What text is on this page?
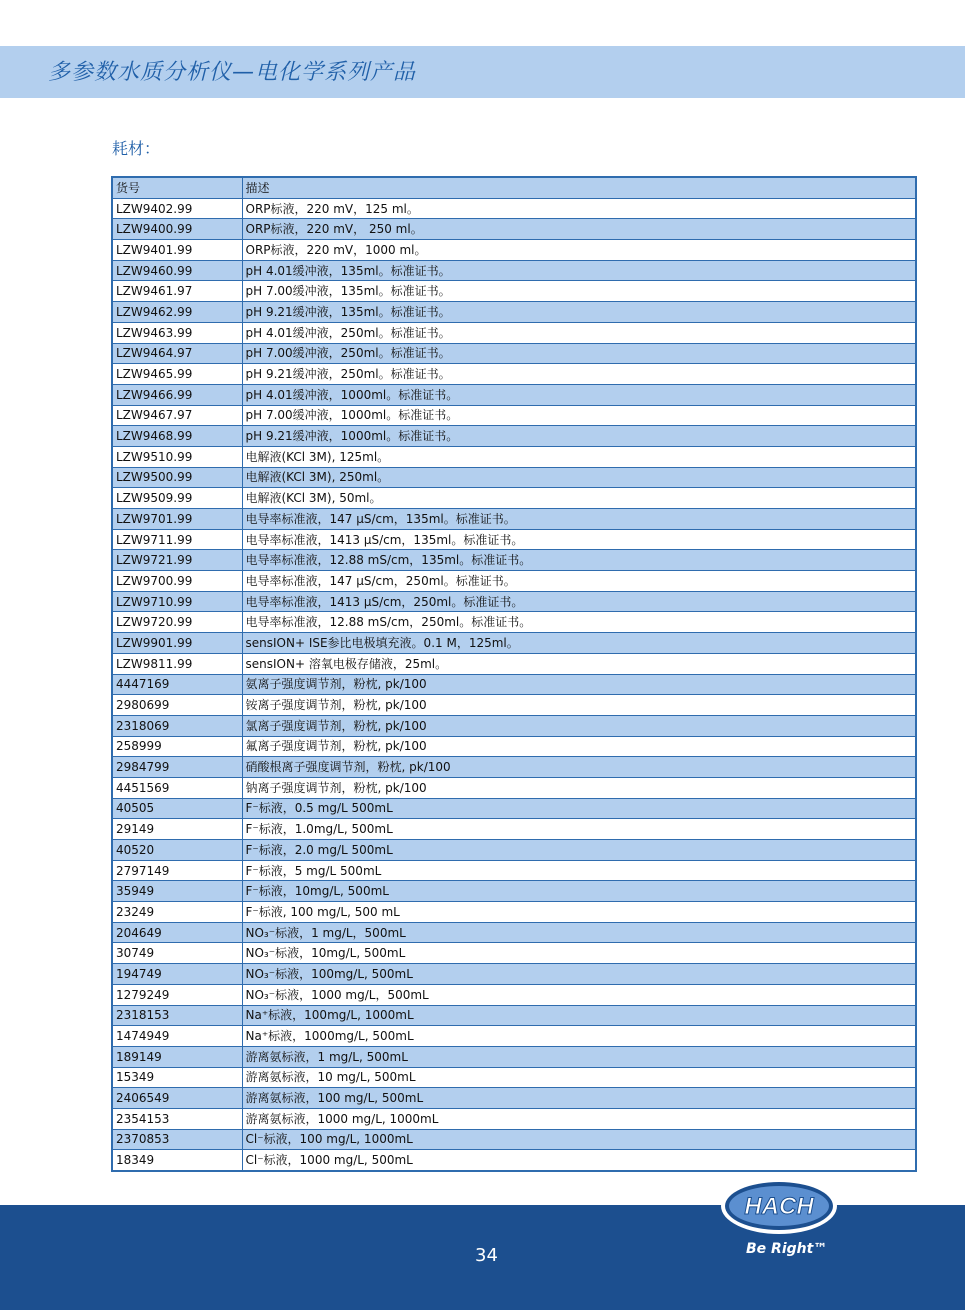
多参数水质分析仪—电化学系列产品
耗材：
货号	描述
LZW9402.99	ORP标液，220 mV，125 ml。
LZW9400.99	ORP标液，220 mV， 250 ml。
LZW9401.99	ORP标液，220 mV，1000 ml。
LZW9460.99	pH 4.01缓冲液，135ml。标准证书。
LZW9461.97	pH 7.00缓冲液，135ml。标准证书。
LZW9462.99	pH 9.21缓冲液，135ml。标准证书。
LZW9463.99	pH 4.01缓冲液，250ml。标准证书。
LZW9464.97	pH 7.00缓冲液，250ml。标准证书。
LZW9465.99	pH 9.21缓冲液，250ml。标准证书。
LZW9466.99	pH 4.01缓冲液，1000ml。标准证书。
LZW9467.97	pH 7.00缓冲液，1000ml。标准证书。
LZW9468.99	pH 9.21缓冲液，1000ml。标准证书。
LZW9510.99	电解液(KCl 3M), 125ml。
LZW9500.99	电解液(KCl 3M), 250ml。
LZW9509.99	电解液(KCl 3M), 50ml。
LZW9701.99	电导率标准液，147 μS/cm，135ml。标准证书。
LZW9711.99	电导率标准液，1413 μS/cm，135ml。标准证书。
LZW9721.99	电导率标准液，12.88 mS/cm，135ml。标准证书。
LZW9700.99	电导率标准液，147 μS/cm，250ml。标准证书。
LZW9710.99	电导率标准液，1413 μS/cm，250ml。标准证书。
LZW9720.99	电导率标准液，12.88 mS/cm，250ml。标准证书。
LZW9901.99	sensION+ ISE参比电极填充液。0.1 M，125ml。
LZW9811.99	sensION+ 溶氧电极存储液，25ml。
4447169	氨离子强度调节剂，粉枕, pk/100
2980699	铵离子强度调节剂，粉枕, pk/100
2318069	氯离子强度调节剂，粉枕, pk/100
258999	氟离子强度调节剂，粉枕, pk/100
2984799	硝酸根离子强度调节剂，粉枕, pk/100
4451569	钠离子强度调节剂，粉枕, pk/100
40505	F⁻标液，0.5 mg/L 500mL
29149	F⁻标液，1.0mg/L, 500mL
40520	F⁻标液，2.0 mg/L 500mL
2797149	F⁻标液，5 mg/L 500mL
35949	F⁻标液，10mg/L, 500mL
23249	F⁻标液, 100 mg/L, 500 mL
204649	NO₃⁻标液，1 mg/L，500mL
30749	NO₃⁻标液，10mg/L, 500mL
194749	NO₃⁻标液，100mg/L, 500mL
1279249	NO₃⁻标液，1000 mg/L，500mL
2318153	Na⁺标液，100mg/L, 1000mL
1474949	Na⁺标液，1000mg/L, 500mL
189149	游离氨标液，1 mg/L, 500mL
15349	游离氨标液，10 mg/L, 500mL
2406549	游离氨标液，100 mg/L, 500mL
2354153	游离氨标液，1000 mg/L, 1000mL
2370853	Cl⁻标液，100 mg/L, 1000mL
18349	Cl⁻标液，1000 mg/L, 500mL
34
HACH
®
Be Right™
